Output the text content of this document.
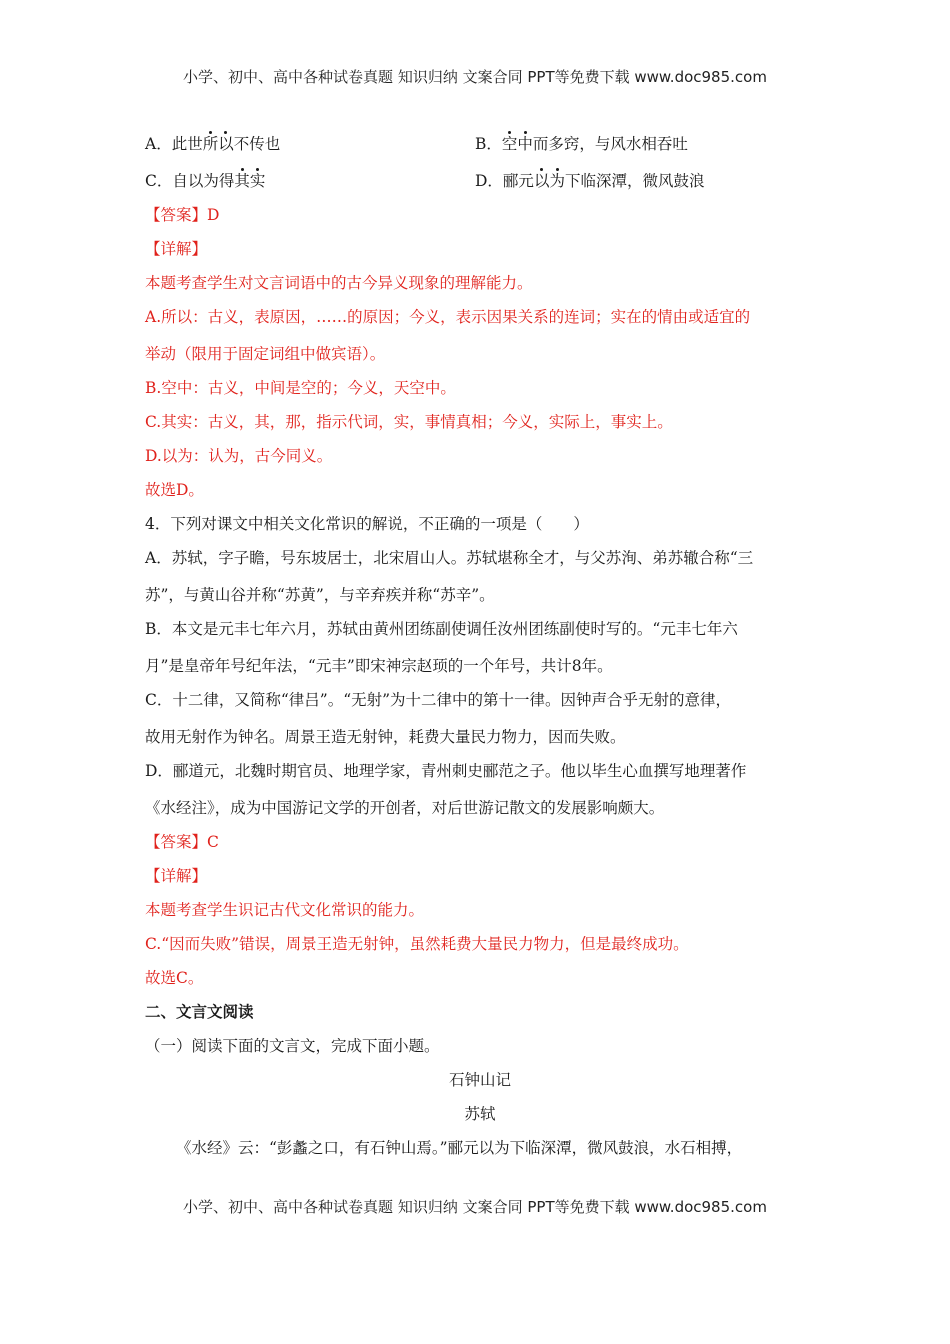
小学、初中、高中各种试卷真题 知识归纳 文案合同 PPT等免费下载 www.doc985.com
A．此世所以不传也	B．空中而多窍，与风水相吞吐
C．自以为得其实	D．郦元以为下临深潭，微风鼓浪
【答案】D
【详解】
本题考查学生对文言词语中的古今异义现象的理解能力。
A.所以：古义，表原因，……的原因；今义，表示因果关系的连词；实在的情由或适宜的
举动（限用于固定词组中做宾语）。
B.空中：古义，中间是空的；今义，天空中。
C.其实：古义，其，那，指示代词，实，事情真相；今义，实际上，事实上。
D.以为：认为，古今同义。
故选D。
4．下列对课文中相关文化常识的解说，不正确的一项是（　　）
A．苏轼，字子瞻，号东坡居士，北宋眉山人。苏轼堪称全才，与父苏洵、弟苏辙合称“三
苏”，与黄山谷并称“苏黄”，与辛弃疾并称“苏辛”。
B．本文是元丰七年六月，苏轼由黄州团练副使调任汝州团练副使时写的。“元丰七年六
月”是皇帝年号纪年法，“元丰”即宋神宗赵顼的一个年号，共计8年。
C．十二律，又简称“律吕”。“无射”为十二律中的第十一律。因钟声合乎无射的意律，
故用无射作为钟名。周景王造无射钟，耗费大量民力物力，因而失败。
D．郦道元，北魏时期官员、地理学家，青州刺史郦范之子。他以毕生心血撰写地理著作
《水经注》，成为中国游记文学的开创者，对后世游记散文的发展影响颇大。
【答案】C
【详解】
本题考查学生识记古代文化常识的能力。
C.“因而失败”错误，周景王造无射钟，虽然耗费大量民力物力，但是最终成功。
故选C。
二、文言文阅读
（一）阅读下面的文言文，完成下面小题。
石钟山记
苏轼
《水经》云：“彭蠡之口，有石钟山焉。”郦元以为下临深潭，微风鼓浪，水石相搏，
小学、初中、高中各种试卷真题 知识归纳 文案合同 PPT等免费下载 www.doc985.com
